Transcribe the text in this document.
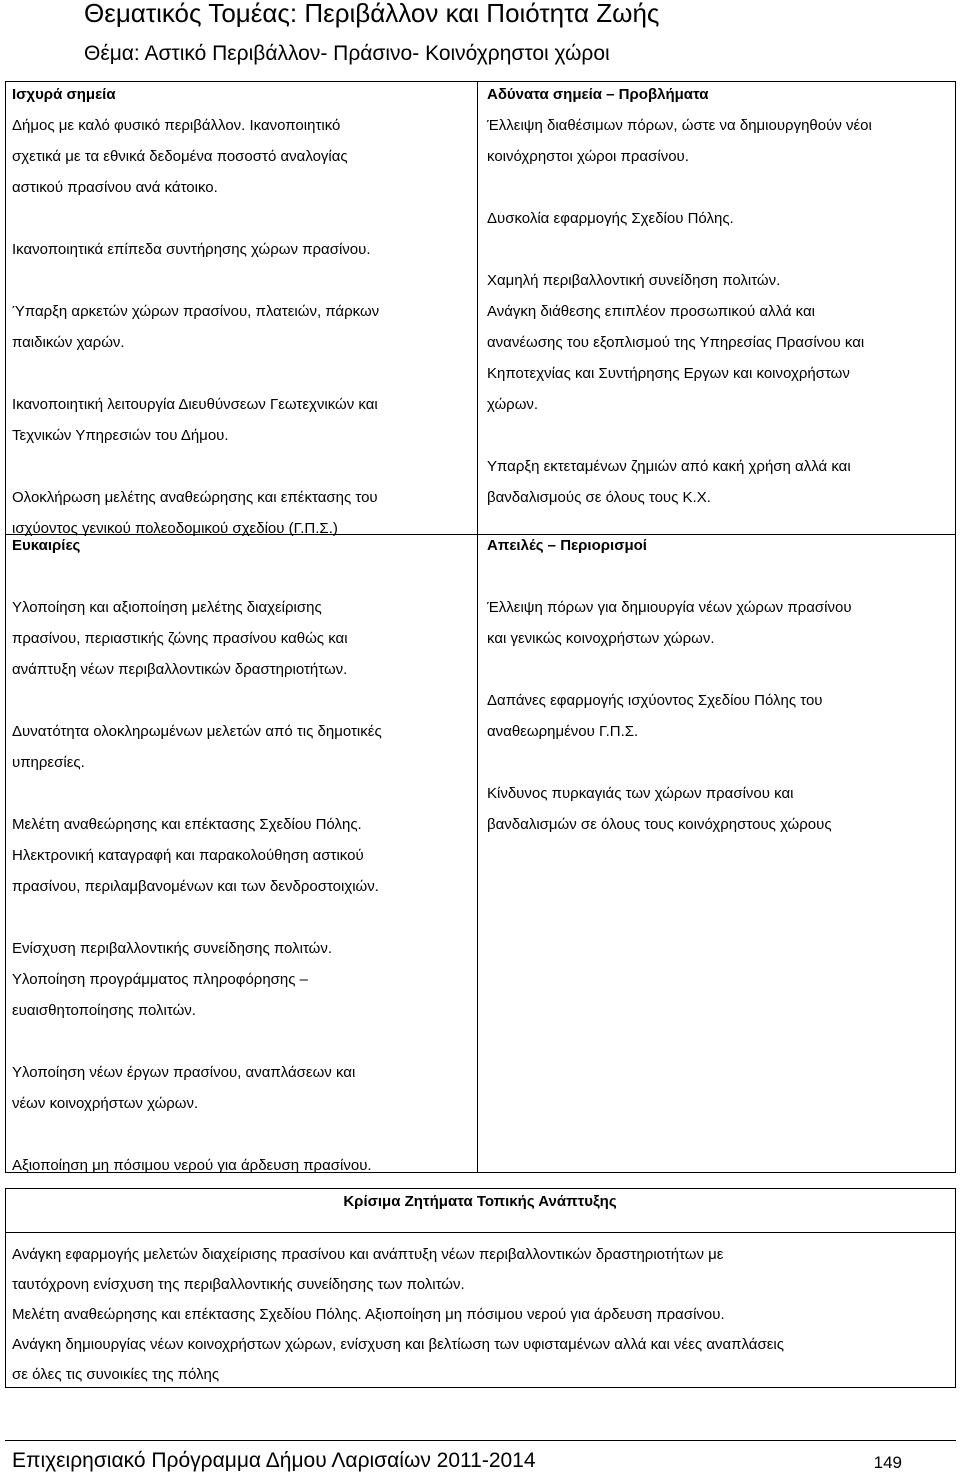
Θεματικός Τομέας: Περιβάλλον και Ποιότητα Ζωής
Θέμα: Αστικό Περιβάλλον- Πράσινο- Κοινόχρηστοι χώροι

Ισχυρά σημεία

Δήμος με καλό φυσικό περιβάλλον. Ικανοποιητικό

σχετικά με τα εθνικά δεδομένα ποσοστό αναλογίας

αστικού πρασίνου ανά κάτοικο.

Ικανοποιητικά επίπεδα συντήρησης χώρων πρασίνου.

Ύπαρξη αρκετών χώρων πρασίνου, πλατειών, πάρκων

παιδικών χαρών.

Ικανοποιητική λειτουργία Διευθύνσεων Γεωτεχνικών και

Τεχνικών Υπηρεσιών του Δήμου.

Ολοκλήρωση μελέτης αναθεώρησης και επέκτασης του

ισχύοντος γενικού πολεοδομικού σχεδίου (Γ.Π.Σ.)

Αδύνατα σημεία – Προβλήματα

Έλλειψη διαθέσιμων πόρων, ώστε να δημιουργηθούν νέοι

κοινόχρηστοι χώροι πρασίνου.

Δυσκολία εφαρμογής Σχεδίου Πόλης.

Χαμηλή περιβαλλοντική συνείδηση πολιτών.

Ανάγκη διάθεσης επιπλέον προσωπικού αλλά και

ανανέωσης του εξοπλισμού της Υπηρεσίας Πρασίνου και

Κηποτεχνίας και Συντήρησης Εργων και κοινοχρήστων

χώρων.

Υπαρξη εκτεταμένων ζημιών από κακή χρήση αλλά και

βανδαλισμούς σε όλους τους Κ.Χ.

Ευκαιρίες

Υλοποίηση και αξιοποίηση μελέτης διαχείρισης

πρασίνου, περιαστικής ζώνης πρασίνου καθώς και

ανάπτυξη νέων περιβαλλοντικών δραστηριοτήτων.

Δυνατότητα ολοκληρωμένων μελετών από τις δημοτικές

υπηρεσίες.

Μελέτη αναθεώρησης και επέκτασης Σχεδίου Πόλης.

Ηλεκτρονική καταγραφή και παρακολούθηση αστικού

πρασίνου, περιλαμβανομένων και των δενδροστοιχιών.

Ενίσχυση περιβαλλοντικής συνείδησης πολιτών.

Υλοποίηση προγράμματος πληροφόρησης –

ευαισθητοποίησης πολιτών.

Υλοποίηση νέων έργων πρασίνου, αναπλάσεων και

νέων κοινοχρήστων χώρων.

Αξιοποίηση μη πόσιμου νερού για άρδευση πρασίνου.

Απειλές – Περιορισμοί

Έλλειψη πόρων για δημιουργία νέων χώρων πρασίνου

και γενικώς κοινοχρήστων χώρων.

Δαπάνες εφαρμογής ισχύοντος Σχεδίου Πόλης του

αναθεωρημένου Γ.Π.Σ.

Κίνδυνος πυρκαγιάς των χώρων πρασίνου και

βανδαλισμών σε όλους τους κοινόχρηστους χώρους

Κρίσιμα Ζητήματα Τοπικής Ανάπτυξης

Ανάγκη εφαρμογής μελετών διαχείρισης πρασίνου και ανάπτυξη νέων περιβαλλοντικών δραστηριοτήτων με

ταυτόχρονη ενίσχυση της περιβαλλοντικής συνείδησης των πολιτών.

Μελέτη αναθεώρησης και επέκτασης Σχεδίου Πόλης. Αξιοποίηση μη πόσιμου νερού για άρδευση πρασίνου.

Ανάγκη δημιουργίας νέων κοινοχρήστων χώρων, ενίσχυση και βελτίωση των υφισταμένων αλλά και νέες αναπλάσεις

σε όλες τις συνοικίες της πόλης

Επιχειρησιακό Πρόγραμμα Δήμου Λαρισαίων 2011-2014	149
